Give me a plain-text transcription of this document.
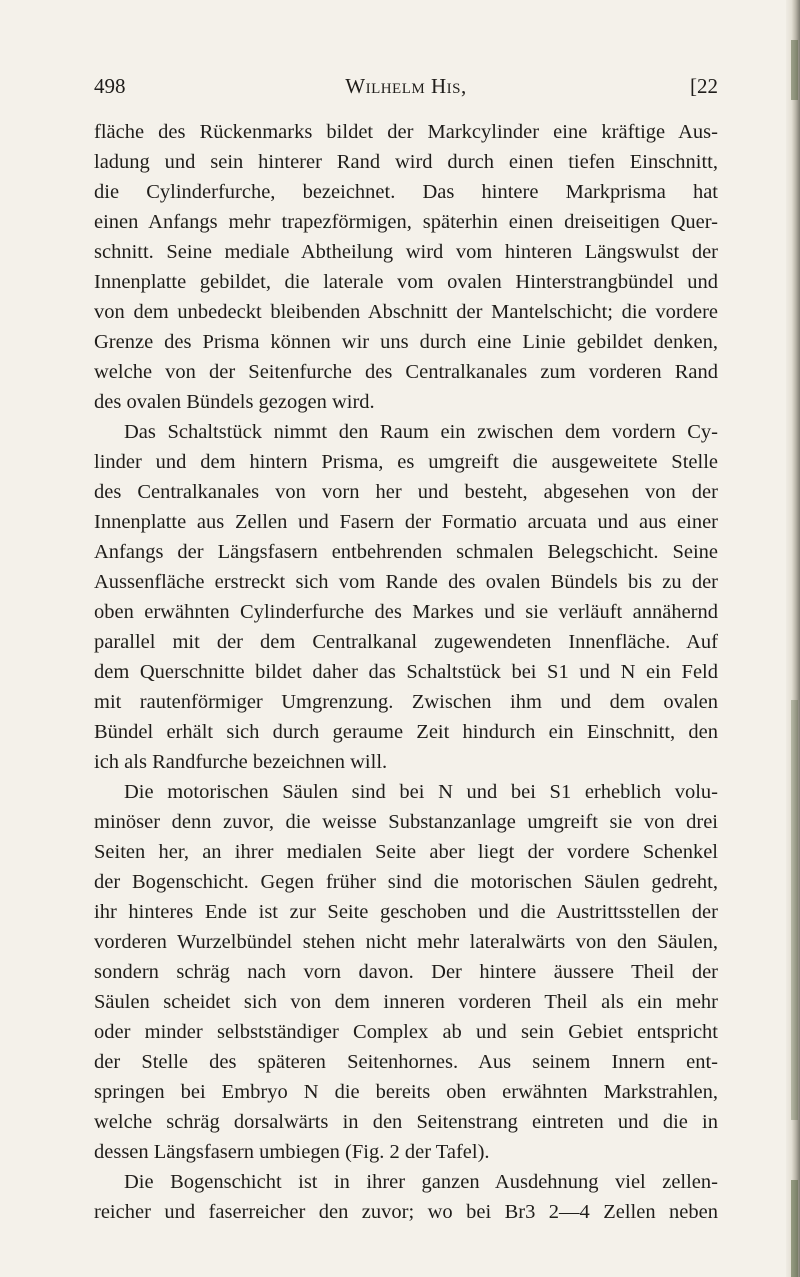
498	Wilhelm His,	[22
fläche des Rückenmarks bildet der Markcylinder eine kräftige Aus-
ladung und sein hinterer Rand wird durch einen tiefen Einschnitt,
die Cylinderfurche, bezeichnet. Das hintere Markprisma hat
einen Anfangs mehr trapezförmigen, späterhin einen dreiseitigen Quer-
schnitt. Seine mediale Abtheilung wird vom hinteren Längswulst der
Innenplatte gebildet, die laterale vom ovalen Hinterstrangbündel und
von dem unbedeckt bleibenden Abschnitt der Mantelschicht; die vordere
Grenze des Prisma können wir uns durch eine Linie gebildet denken,
welche von der Seitenfurche des Centralkanales zum vorderen Rand
des ovalen Bündels gezogen wird.
Das Schaltstück nimmt den Raum ein zwischen dem vordern Cy-
linder und dem hintern Prisma, es umgreift die ausgeweitete Stelle
des Centralkanales von vorn her und besteht, abgesehen von der
Innenplatte aus Zellen und Fasern der Formatio arcuata und aus einer
Anfangs der Längsfasern entbehrenden schmalen Belegschicht. Seine
Aussenfläche erstreckt sich vom Rande des ovalen Bündels bis zu der
oben erwähnten Cylinderfurche des Markes und sie verläuft annähernd
parallel mit der dem Centralkanal zugewendeten Innenfläche. Auf
dem Querschnitte bildet daher das Schaltstück bei S1 und N ein Feld
mit rautenförmiger Umgrenzung. Zwischen ihm und dem ovalen
Bündel erhält sich durch geraume Zeit hindurch ein Einschnitt, den
ich als Randfurche bezeichnen will.
Die motorischen Säulen sind bei N und bei S1 erheblich volu-
minöser denn zuvor, die weisse Substanzanlage umgreift sie von drei
Seiten her, an ihrer medialen Seite aber liegt der vordere Schenkel
der Bogenschicht. Gegen früher sind die motorischen Säulen gedreht,
ihr hinteres Ende ist zur Seite geschoben und die Austrittsstellen der
vorderen Wurzelbündel stehen nicht mehr lateralwärts von den Säulen,
sondern schräg nach vorn davon. Der hintere äussere Theil der
Säulen scheidet sich von dem inneren vorderen Theil als ein mehr
oder minder selbstständiger Complex ab und sein Gebiet entspricht
der Stelle des späteren Seitenhornes. Aus seinem Innern ent-
springen bei Embryo N die bereits oben erwähnten Markstrahlen,
welche schräg dorsalwärts in den Seitenstrang eintreten und die in
dessen Längsfasern umbiegen (Fig. 2 der Tafel).
Die Bogenschicht ist in ihrer ganzen Ausdehnung viel zellen-
reicher und faserreicher den zuvor; wo bei Br3 2—4 Zellen neben
